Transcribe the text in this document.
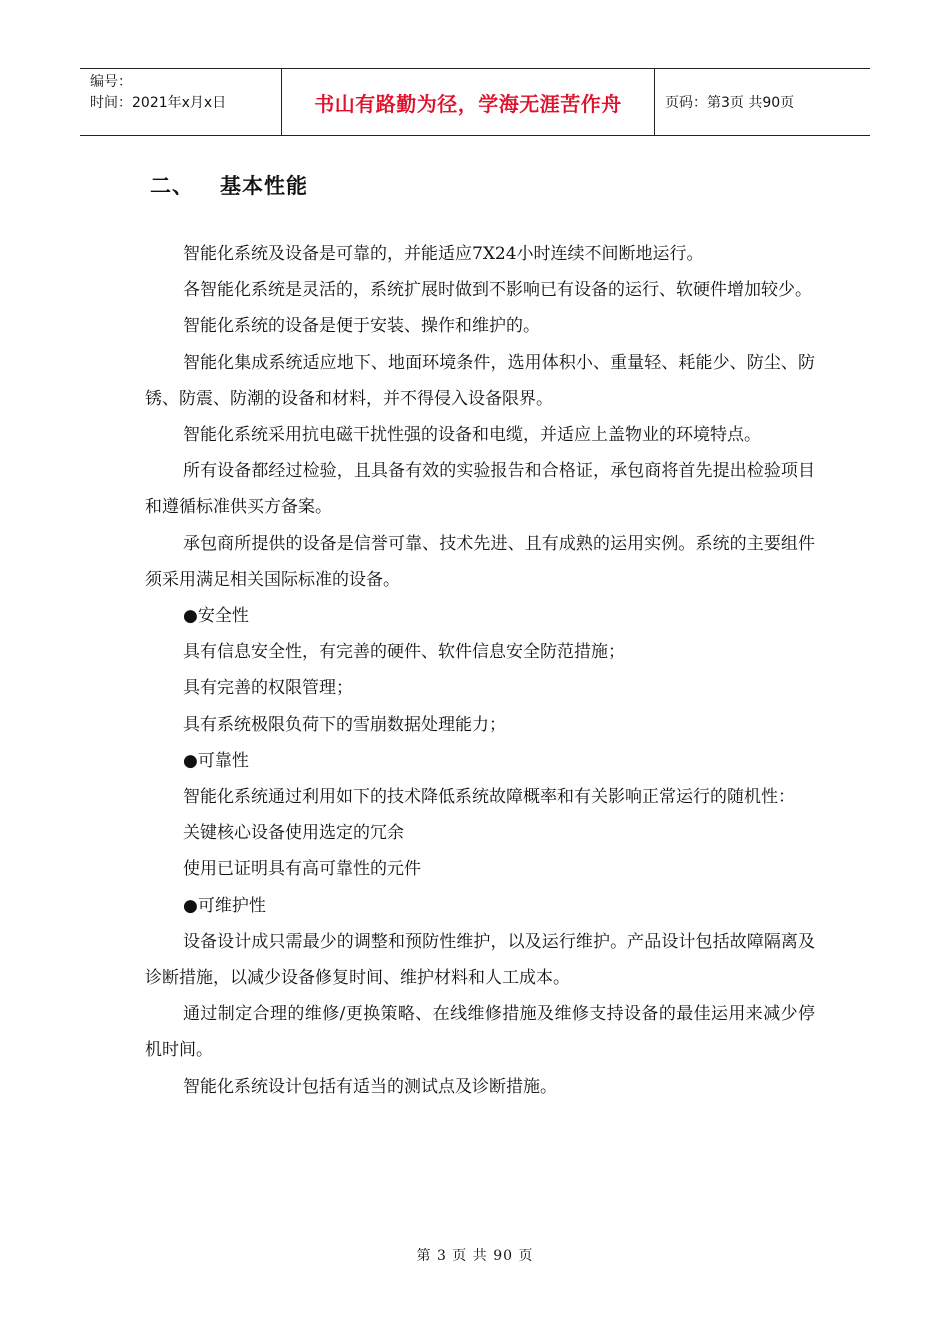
编号：
时间：2021年x月x日	书山有路勤为径，学海无涯苦作舟	页码：第3页 共90页
二、 基本性能

智能化系统及设备是可靠的，并能适应7X24小时连续不间断地运行。

各智能化系统是灵活的，系统扩展时做到不影响已有设备的运行、软硬件增加较少。

智能化系统的设备是便于安装、操作和维护的。

智能化集成系统适应地下、地面环境条件，选用体积小、重量轻、耗能少、防尘、防锈、防震、防潮的设备和材料，并不得侵入设备限界。

智能化系统采用抗电磁干扰性强的设备和电缆，并适应上盖物业的环境特点。

所有设备都经过检验，且具备有效的实验报告和合格证，承包商将首先提出检验项目和遵循标准供买方备案。

承包商所提供的设备是信誉可靠、技术先进、且有成熟的运用实例。系统的主要组件须采用满足相关国际标准的设备。

●安全性

具有信息安全性，有完善的硬件、软件信息安全防范措施；

具有完善的权限管理；

具有系统极限负荷下的雪崩数据处理能力；

●可靠性

智能化系统通过利用如下的技术降低系统故障概率和有关影响正常运行的随机性：

关键核心设备使用选定的冗余

使用已证明具有高可靠性的元件

●可维护性

设备设计成只需最少的调整和预防性维护，以及运行维护。产品设计包括故障隔离及诊断措施，以减少设备修复时间、维护材料和人工成本。

通过制定合理的维修/更换策略、在线维修措施及维修支持设备的最佳运用来减少停机时间。

智能化系统设计包括有适当的测试点及诊断措施。

第 3 页 共 90 页
